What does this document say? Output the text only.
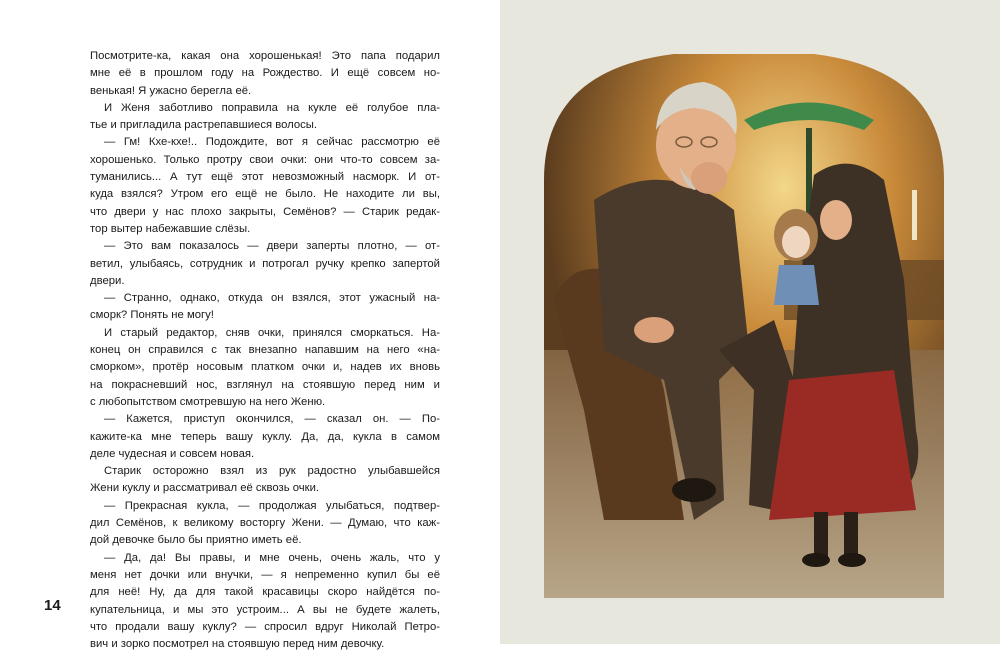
Посмотрите-ка, какая она хорошенькая! Это папа подарил

мне её в прошлом году на Рождество. И ещё совсем но-

венькая! Я ужасно берегла её.

И Женя заботливо поправила на кукле её голубое пла-

тье и пригладила растрепавшиеся волосы.

— Гм! Кхе-кхе!.. Подождите, вот я сейчас рассмотрю её

хорошенько. Только протру свои очки: они что-то совсем за-

туманились... А тут ещё этот невозможный насморк. И от-

куда взялся? Утром его ещё не было. Не находите ли вы,

что двери у нас плохо закрыты, Семёнов? — Старик редак-

тор вытер набежавшие слёзы.

— Это вам показалось — двери заперты плотно, — от-

ветил, улыбаясь, сотрудник и потрогал ручку крепко запертой

двери.

— Странно, однако, откуда он взялся, этот ужасный на-

сморк? Понять не могу!

И старый редактор, сняв очки, принялся сморкаться. На-

конец он справился с так внезапно напавшим на него «на-

сморком», протёр носовым платком очки и, надев их вновь

на покрасневший нос, взглянул на стоявшую перед ним и

с любопытством смотревшую на него Женю.

— Кажется, приступ окончился, — сказал он. — По-

кажите-ка мне теперь вашу куклу. Да, да, кукла в самом

деле чудесная и совсем новая.

Старик осторожно взял из рук радостно улыбавшейся

Жени куклу и рассматривал её сквозь очки.

— Прекрасная кукла, — продолжая улыбаться, подтвер-

дил Семёнов, к великому восторгу Жени. — Думаю, что каж-

дой девочке было бы приятно иметь её.

— Да, да! Вы правы, и мне очень, очень жаль, что у

меня нет дочки или внучки, — я непременно купил бы её

для неё! Ну, да для такой красавицы скоро найдётся по-

купательница, и мы это устроим... А вы не будете жалеть,

что продали вашу куклу? — спросил вдруг Николай Петро-

вич и зорко посмотрел на стоявшую перед ним девочку.

14
